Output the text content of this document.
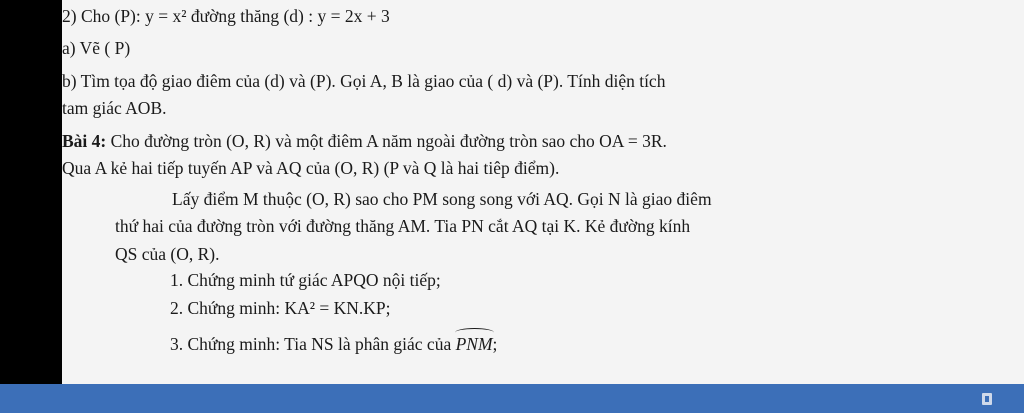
2) Cho (P): y = x² đường thăng (d) : y = 2x + 3
a) Vẽ ( P)
b) Tìm tọa độ giao điêm của (d) và (P). Gọi A, B là giao của ( d) và (P). Tính diện tích
tam giác AOB.
Bài 4: Cho đường tròn (O, R) và một điêm A năm ngoài đường tròn sao cho OA = 3R.
Qua A kẻ hai tiếp tuyến AP và AQ của (O, R) (P và Q là hai tiêp điểm).
Lấy điểm M thuộc (O, R) sao cho PM song song với AQ. Gọi N là giao điêm
thứ hai của đường tròn với đường thăng AM. Tia PN cắt AQ tại K. Kẻ đường kính
QS của (O, R).
1. Chứng minh tứ giác APQO nội tiếp;
2. Chứng minh: KA² = KN.KP;
3. Chứng minh: Tia NS là phân giác của PNM;
